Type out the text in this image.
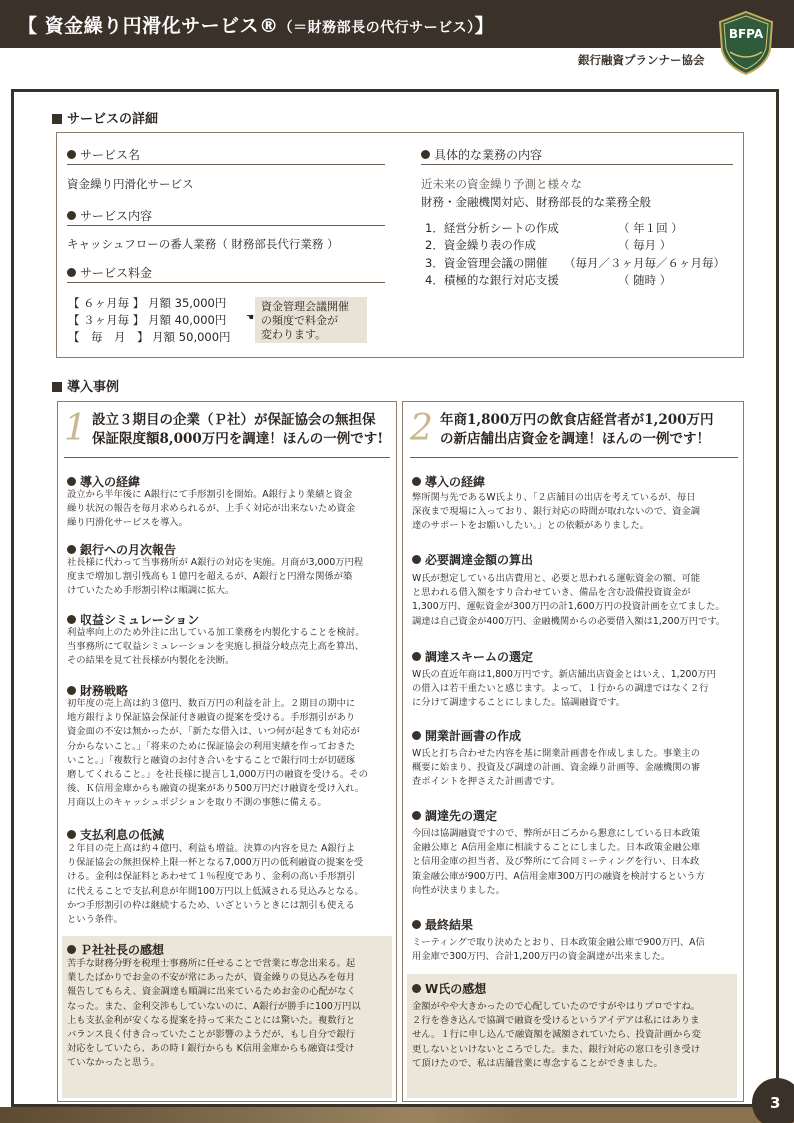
【 資金繰り円滑化サービス®（＝財務部長の代行サービス）】	BFPA
銀行融資プランナー協会
3
サービスの詳細
サービス名
資金繰り円滑化サービス
サービス内容
キャッシュフローの番人業務（ 財務部長代行業務 ）
サービス料金
【 ６ヶ月毎 】 月額 35,000円
【 ３ヶ月毎 】 月額 40,000円
【　毎　月　】 月額 50,000円
☚
資金管理会議開催
の頻度で料金が
変わります。
具体的な業務の内容
近未来の資金繰り予測と様々な
財務・金融機関対応、財務部長的な業務全般
1．経営分析シートの作成	（ 年１回 ）
2．資金繰り表の作成	（ 毎月 ）
3．資金管理会議の開催 （毎月／３ヶ月毎／６ヶ月毎）
4．積極的な銀行対応支援	（ 随時 ）
導入事例
1 設立３期目の企業（Ｐ社）が保証協会の無担保
保証限度額8,000万円を調達！ほんの一例です!
導入の経緯
設立から半年後に A銀行にて手形割引を開始。A銀行より業績と資金
繰り状況の報告を毎月求められるが、上手く対応が出来ないため資金
繰り円滑化サービスを導入。
銀行への月次報告
社長様に代わって当事務所が A銀行の対応を実施。月商が3,000万円程
度まで増加し割引残高も１億円を超えるが、A銀行と円滑な関係が築
けていたため手形割引枠は順調に拡大。
収益シミュレーション
利益率向上のため外注に出している加工業務を内製化することを検討。
当事務所にて収益シミュレーションを実施し損益分岐点売上高を算出、
その結果を見て社長様が内製化を決断。
財務戦略
初年度の売上高は約３億円、数百万円の利益を計上。２期目の期中に
地方銀行より保証協会保証付き融資の提案を受ける。手形割引があり
資金面の不安は無かったが、「新たな借入は、いつ何が起きても対応が
分からないこと。」「将来のために保証協会の利用実績を作っておきた
いこと。」「複数行と融資のお付き合いをすることで銀行同士が切磋琢
磨してくれること。」を社長様に提言し1,000万円の融資を受ける。その
後、Ｋ信用金庫からも融資の提案があり500万円だけ融資を受け入れ。
月商以上のキャッシュポジションを取り不測の事態に備える。
支払利息の低減
２年目の売上高は約４億円、利益も増益。決算の内容を見た A銀行よ
り保証協会の無担保枠上限一杯となる7,000万円の低利融資の提案を受
ける。金利は保証料とあわせて１％程度であり、金利の高い手形割引
に代えることで支払利息が年間100万円以上低減される見込みとなる。
かつ手形割引の枠は継続するため、いざというときには割引も使える
という条件。
Ｐ社社長の感想
苦手な財務分野を税理士事務所に任せることで営業に専念出来る。起
業したばかりでお金の不安が常にあったが、資金繰りの見込みを毎月
報告してもらえ、資金調達も順調に出来ているためお金の心配がなく
なった。また、金利交渉もしていないのに、A銀行が勝手に100万円以
上も支払金利が安くなる提案を持って来たことには驚いた。複数行と
バランス良く付き合っていたことが影響のようだが、もし自分で銀行
対応をしていたら、あの時 I 銀行からも K信用金庫からも融資は受け
ていなかったと思う。
2 年商1,800万円の飲食店経営者が1,200万円
の新店舗出店資金を調達！ほんの一例です！
導入の経緯
弊所関与先であるW氏より、「２店舗目の出店を考えているが、毎日
深夜まで現場に入っており、銀行対応の時間が取れないので、資金調
達のサポートをお願いしたい。」との依頼がありました。
必要調達金額の算出
W氏が想定している出店費用と、必要と思われる運転資金の額、可能
と思われる借入額をすり合わせていき、備品を含む設備投資資金が
1,300万円、運転資金が300万円の計1,600万円の投資計画を立てました。
調達は自己資金が400万円、金融機関からの必要借入額は1,200万円です。
調達スキームの選定
W氏の直近年商は1,800万円です。新店舗出店資金とはいえ、1,200万円
の借入は若干重たいと感じます。よって、１行からの調達ではなく２行
に分けて調達することにしました。協調融資です。
開業計画書の作成
W氏と打ち合わせた内容を基に開業計画書を作成しました。事業主の
概要に始まり、投資及び調達の計画、資金繰り計画等、金融機関の審
査ポイントを押さえた計画書です。
調達先の選定
今回は協調融資ですので、弊所が日ごろから懇意にしている日本政策
金融公庫と A信用金庫に相談することにしました。日本政策金融公庫
と信用金庫の担当者、及び弊所にて合同ミーティングを行い、日本政
策金融公庫が900万円、A信用金庫300万円の融資を検討するという方
向性が決まりました。
最終結果
ミーティングで取り決めたとおり、日本政策金融公庫で900万円、A信
用金庫で300万円、合計1,200万円の資金調達が出来ました。
W氏の感想
金額がやや大きかったので心配していたのですがやはりプロですね。
２行を巻き込んで協調で融資を受けるというアイデアは私にはありま
せん。１行に申し込んで融資額を減額されていたら、投資計画から変
更しないといけないところでした。また、銀行対応の窓口を引き受け
て頂けたので、私は店舗営業に専念することができました。
